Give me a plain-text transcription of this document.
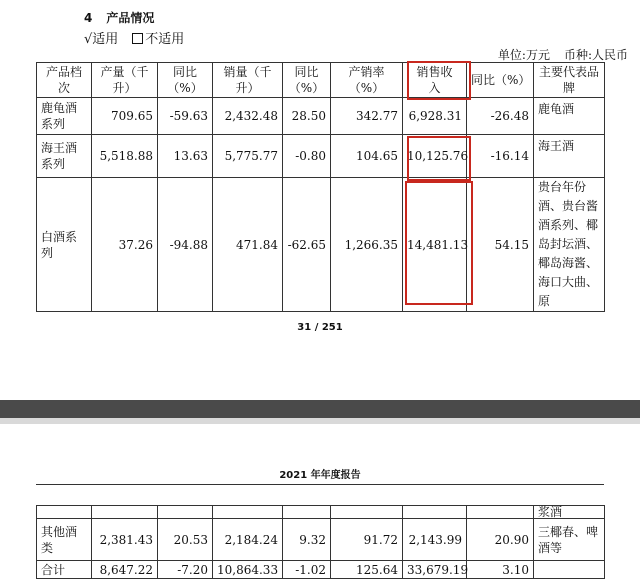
4 产品情况
√适用 不适用
单位:万元 币种:人民币
产品档次	产量（千升）	同比（%）	销量（千升）	同比（%）	产销率（%）	销售收入	同比（%）	主要代表品牌
鹿龟酒系列	709.65	-59.63	2,432.48	28.50	342.77	6,928.31	-26.48	鹿龟酒
海王酒系列	5,518.88	13.63	5,775.77	-0.80	104.65	10,125.76	-16.14	海王酒
白酒系列	37.26	-94.88	471.84	-62.65	1,266.35	14,481.13	54.15	贵台年份酒、贵台酱酒系列、椰岛封坛酒、椰岛海酱、海口大曲、原
31 / 251
2021 年年度报告
								浆酒
其他酒类	2,381.43	20.53	2,184.24	9.32	91.72	2,143.99	20.90	三椰春、啤酒等
合计	8,647.22	-7.20	10,864.33	-1.02	125.64	33,679.19	3.10	
